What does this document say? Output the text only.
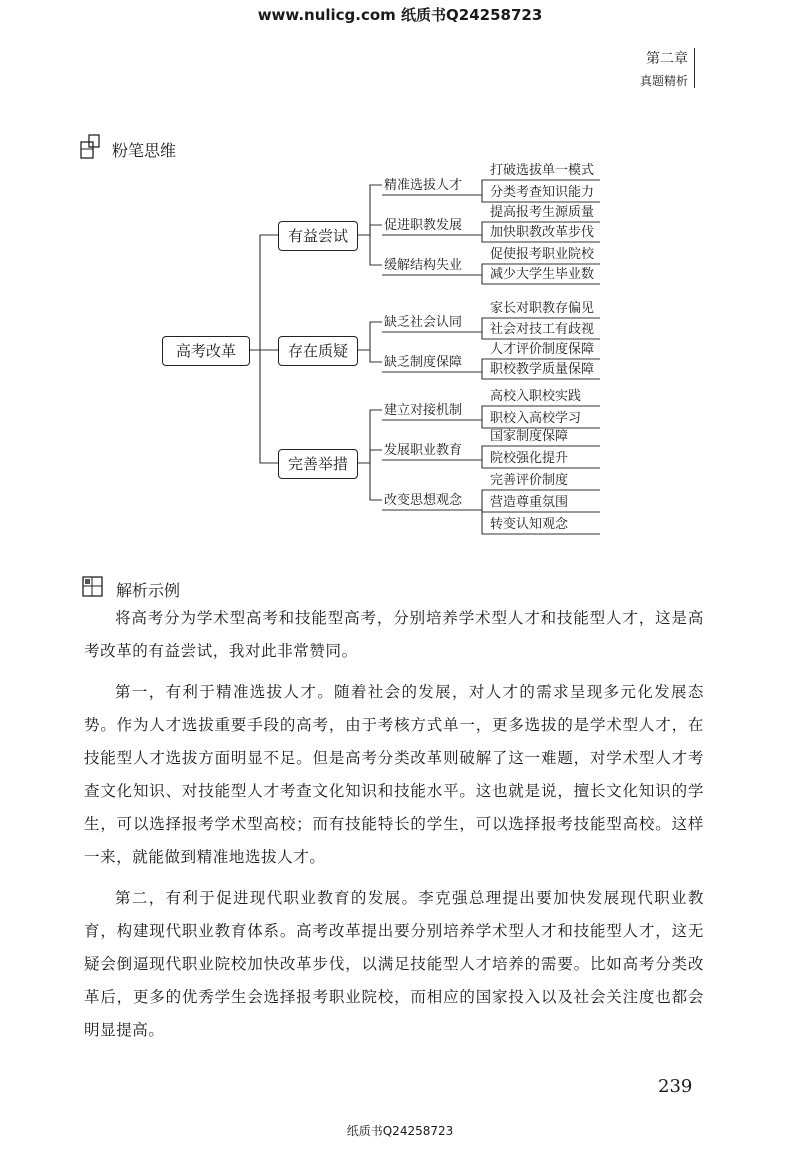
www.nulicg.com 纸质书Q24258723
第二章
真题精析
粉笔思维
高考改革
有益尝试
存在质疑
完善举措
精准选拔人才
促进职教发展
缓解结构失业
缺乏社会认同
缺乏制度保障
建立对接机制
发展职业教育
改变思想观念
打破选拔单一模式
分类考查知识能力
提高报考生源质量
加快职教改革步伐
促使报考职业院校
减少大学生毕业数
家长对职教存偏见
社会对技工有歧视
人才评价制度保障
职校教学质量保障
高校入职校实践
职校入高校学习
国家制度保障
院校强化提升
完善评价制度
营造尊重氛围
转变认知观念
解析示例

将高考分为学术型高考和技能型高考，分别培养学术型人才和技能型人才，这是高考改革的有益尝试，我对此非常赞同。

第一，有利于精准选拔人才。随着社会的发展，对人才的需求呈现多元化发展态势。作为人才选拔重要手段的高考，由于考核方式单一，更多选拔的是学术型人才，在技能型人才选拔方面明显不足。但是高考分类改革则破解了这一难题，对学术型人才考查文化知识、对技能型人才考查文化知识和技能水平。这也就是说，擅长文化知识的学生，可以选择报考学术型高校；而有技能特长的学生，可以选择报考技能型高校。这样一来，就能做到精准地选拔人才。

第二，有利于促进现代职业教育的发展。李克强总理提出要加快发展现代职业教育，构建现代职业教育体系。高考改革提出要分别培养学术型人才和技能型人才，这无疑会倒逼现代职业院校加快改革步伐，以满足技能型人才培养的需要。比如高考分类改革后，更多的优秀学生会选择报考职业院校，而相应的国家投入以及社会关注度也都会明显提高。

239
纸质书Q24258723
